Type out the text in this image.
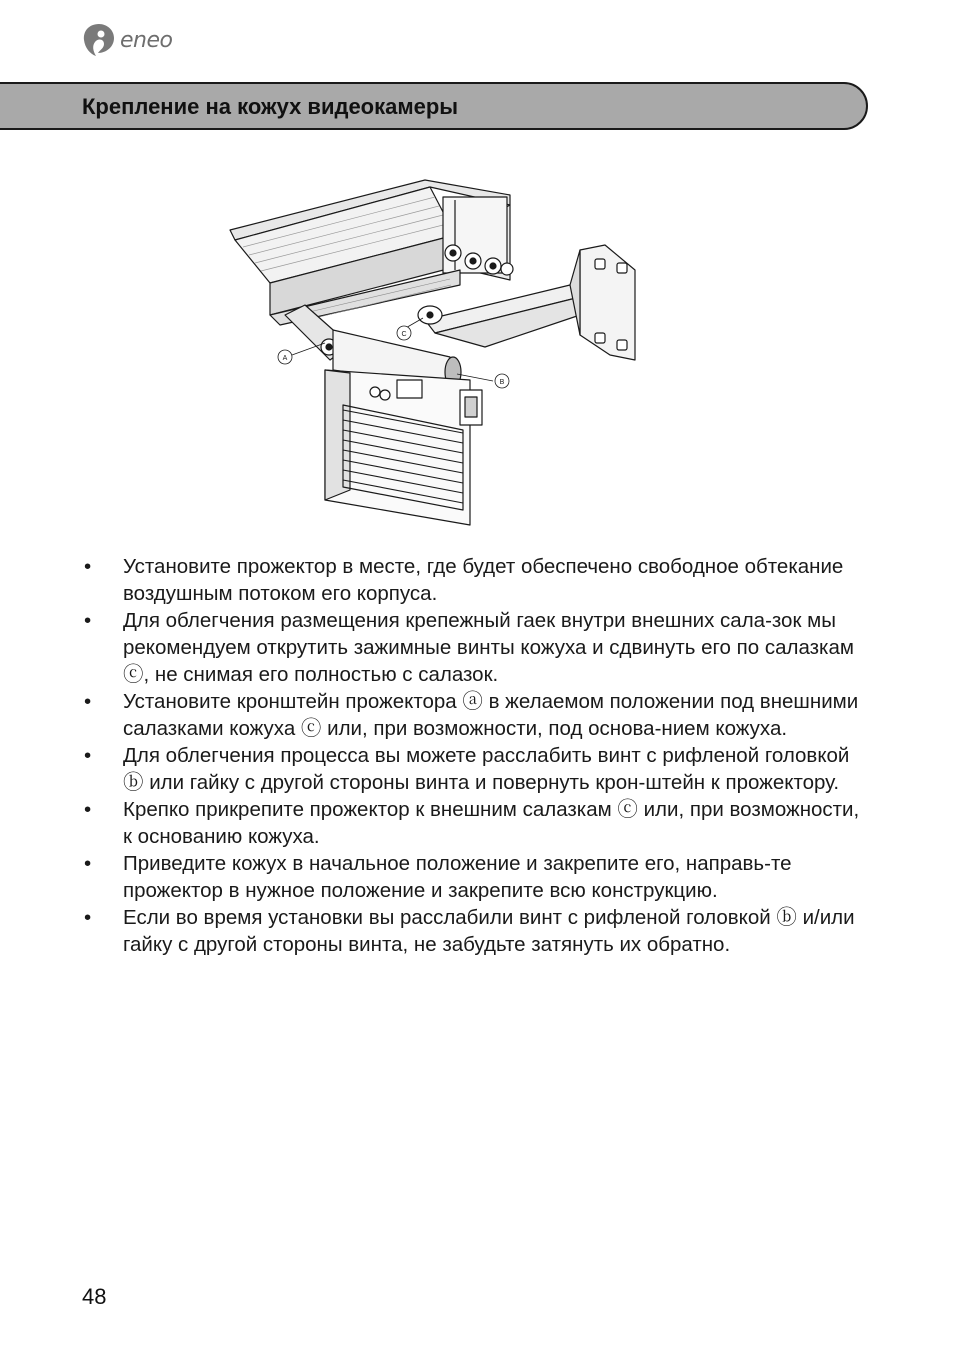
eneo
Крепление на кожух видеокамеры
A
C
B
• Установите прожектор в месте, где будет обеспечено свободное обтекание воздушным потоком его корпуса.
• Для облегчения размещения крепежный гаек внутри внешних сала-зок мы рекомендуем открутить зажимные винты кожуха и сдвинуть его по салазкам ⓒ, не снимая его полностью с салазок.
• Установите кронштейн прожектора ⓐ в желаемом положении под внешними салазками кожуха ⓒ или, при возможности, под основа-нием кожуха.
• Для облегчения процесса вы можете расслабить винт с рифленой головкой ⓑ или гайку с другой стороны винта и повернуть крон-штейн к прожектору.
• Крепко прикрепите прожектор к внешним салазкам ⓒ или, при возможности, к основанию кожуха.
• Приведите кожух в начальное положение и закрепите его, направь-те прожектор в нужное положение и закрепите всю конструкцию.
• Если во время установки вы расслабили винт с рифленой головкой ⓑ и/или гайку с другой стороны винта, не забудьте затянуть их обратно.
48
